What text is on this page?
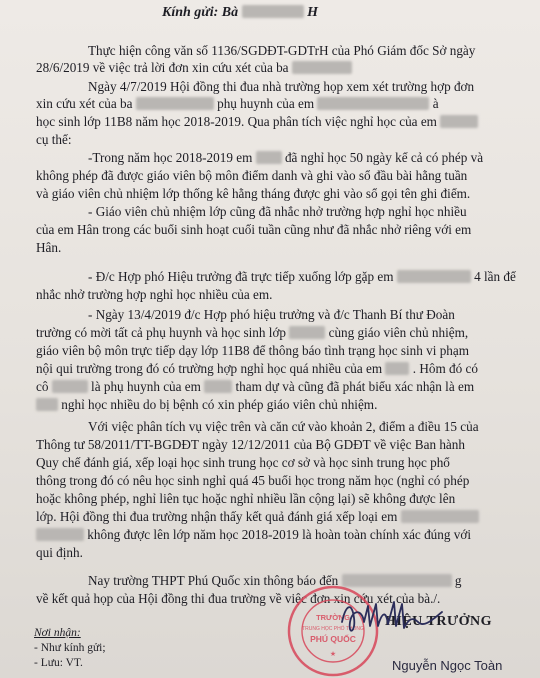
Kính gửi: Bà	H
Thực hiện công văn số 1136/SGDĐT-GDTrH của Phó Giám đốc Sở ngày
28/6/2019 về việc trả lời đơn xin cứu xét của ba
Ngày 4/7/2019 Hội đồng thi đua nhà trường họp xem xét trường hợp đơn
xin cứu xét của ba	phụ huynh của em	à
học sinh lớp 11B8 năm học 2018-2019. Qua phân tích việc nghỉ học của em
cụ thể:
-Trong năm học 2018-2019 em đã nghỉ học 50 ngày kể cả có phép và
không phép đã được giáo viên bộ môn điểm danh và ghi vào sổ đầu bài hằng tuần
và giáo viên chủ nhiệm lớp thống kê hằng tháng được ghi vào sổ gọi tên ghi điểm.
- Giáo viên chủ nhiệm lớp cũng đã nhắc nhở trường hợp nghỉ học nhiều
của em Hân trong các buổi sinh hoạt cuối tuần cũng như đã nhắc nhở riêng với em
Hân.
- Đ/c Hợp phó Hiệu trưởng đã trực tiếp xuống lớp gặp em	4 lần để
nhắc nhở trường hợp nghỉ học nhiều của em.
- Ngày 13/4/2019 đ/c Hợp phó hiệu trưởng và đ/c Thanh Bí thư Đoàn
trường có mời tất cả phụ huynh và học sinh lớp	cùng giáo viên chủ nhiệm,
giáo viên bộ môn trực tiếp dạy lớp 11B8 để thông báo tình trạng học sinh vi phạm
nội qui trường trong đó có trường hợp nghỉ học quá nhiều của em . Hôm đó có
cô	là phụ huynh của em	tham dự và cũng đã phát biểu xác nhận là em
nghỉ học nhiều do bị bệnh có xin phép giáo viên chủ nhiệm.
Với việc phân tích vụ việc trên và căn cứ vào khoản 2, điểm a điều 15 của
Thông tư 58/2011/TT-BGDĐT ngày 12/12/2011 của Bộ GDĐT về việc Ban hành
Quy chế đánh giá, xếp loại học sinh trung học cơ sở và học sinh trung học phổ
thông trong đó có nêu học sinh nghỉ quá 45 buổi học trong năm học (nghỉ có phép
hoặc không phép, nghỉ liên tục hoặc nghỉ nhiều lần cộng lại) sẽ không được lên
lớp. Hội đồng thi đua trường nhận thấy kết quả đánh giá xếp loại em
không được lên lớp năm học 2018-2019 là hoàn toàn chính xác đúng với
qui định.
Nay trường THPT Phú Quốc xin thông báo đến	g
về kết quả họp của Hội đồng thi đua trường về việc đơn xin cứu xét của bà./.
HIỆU TRƯỞNG
Nơi nhận:
- Như kính gửi;
- Lưu: VT.
TRƯỜNG
TRUNG HỌC PHỔ THÔNG
PHÚ QUỐC
★
Nguyễn Ngọc Toàn
